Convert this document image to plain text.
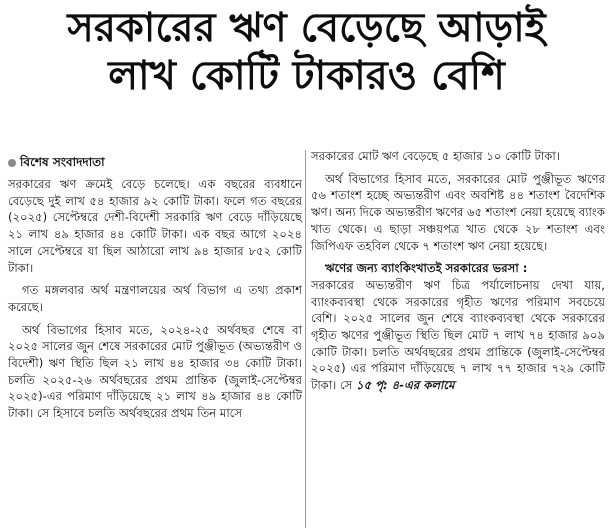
সরকারের ঋণ বেড়েছে আড়াই
লাখ কোটি টাকারও বেশি
বিশেষ সংবাদদাতা

সরকারের ঋণ ক্রমেই বেড়ে চলেছে। এক বছরের ব্যবধানে বেড়েছে দুই লাখ ৫৪ হাজার ৯২ কোটি টাকা। ফলে গত বছরের (২০২৫) সেপ্টেম্বরে দেশী-বিদেশী সরকারি ঋণ বেড়ে দাঁড়িয়েছে ২১ লাখ ৪৯ হাজার ৪৪ কোটি টাকা। এক বছর আগে ২০২৪ সালে সেপ্টেম্বরে যা ছিল আঠারো লাখ ৯৪ হাজার ৮৫২ কোটি টাকা।

গত মঙ্গলবার অর্থ মন্ত্রণালয়ের অর্থ বিভাগ এ তথ্য প্রকাশ করেছে।

অর্থ বিভাগের হিসাব মতে, ২০২৪-২৫ অর্থবছর শেষে বা ২০২৫ সালের জুন শেষে সরকারের মোট পুঞ্জীভূত (অভ্যন্তরীণ ও বিদেশী) ঋণ স্থিতি ছিল ২১ লাখ ৪৪ হাজার ৩৪ কোটি টাকা। চলতি ২০২৫-২৬ অর্থবছরের প্রথম প্রান্তিক (জুলাই-সেপ্টেম্বর ২০২৫)-এর পরিমাণ দাঁড়িয়েছে ২১ লাখ ৪৯ হাজার ৪৪ কোটি টাকা। সে হিসাবে চলতি অর্থবছরের প্রথম তিন মাসে

সরকারের মোট ঋণ বেড়েছে ৫ হাজার ১০ কোটি টাকা।

অর্থ বিভাগের হিসাব মতে, সরকারের মোট পুঞ্জীভূত ঋণের ৫৬ শতাংশ হচ্ছে অভ্যন্তরীণ এবং অবশিষ্ট ৪৪ শতাংশ বৈদেশিক ঋণ। অন্য দিকে অভ্যন্তরীণ ঋণের ৬৫ শতাংশ নেয়া হয়েছে ব্যাংক খাত থেকে। এ ছাড়া সঞ্চয়পত্র খাত থেকে ২৮ শতাংশ এবং জিপিএফ তহবিল থেকে ৭ শতাংশ ঋণ নেয়া হয়েছে।

ঋণের জন্য ব্যাংকিংখাতই সরকারের ভরসা :

সরকারের অভ্যন্তরীণ ঋণ চিত্র পর্যালোচনায় দেখা যায়, ব্যাংকব্যবস্থা থেকে সরকারের গৃহীত ঋণের পরিমাণ সবচেয়ে বেশি। ২০২৫ সালের জুন শেষে ব্যাংকব্যবস্থা থেকে সরকারের গৃহীত ঋণের পুঞ্জীভূত স্থিতি ছিল মোট ৭ লাখ ৭৪ হাজার ৯০৯ কোটি টাকা। চলতি অর্থবছরের প্রথম প্রান্তিকে (জুলাই-সেপ্টেম্বর ২০২৫) এর পরিমাণ দাঁড়িয়েছে ৭ লাখ ৭৭ হাজার ৭২৯ কোটি টাকা। সে ১৫ পৃ: ৪-এর কলামে
